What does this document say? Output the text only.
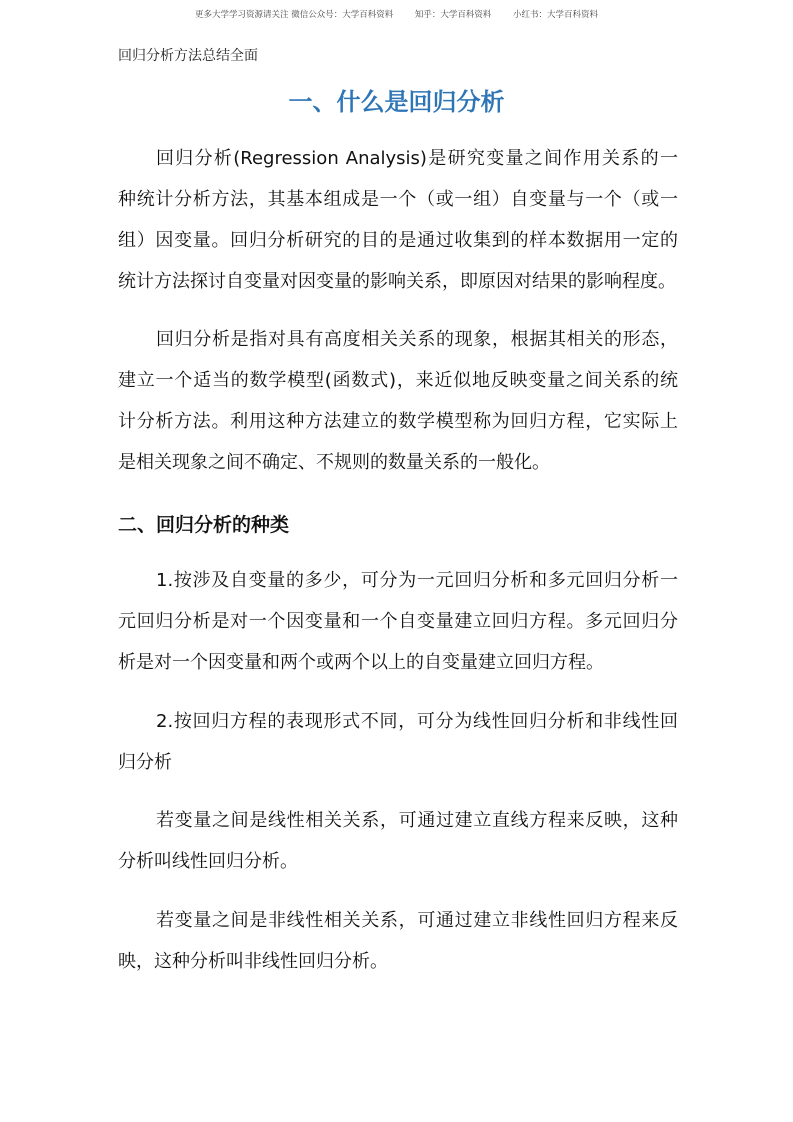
更多大学学习资源请关注 微信公众号：大学百科资料        知乎：大学百科资料        小红书：大学百科资料
回归分析方法总结全面
一、什么是回归分析
二、回归分析的种类
回归分析(Regression Analysis)是研究变量之间作用关系的一
种统计分析方法，其基本组成是一个（或一组）自变量与一个（或一
组）因变量。回归分析研究的目的是通过收集到的样本数据用一定的
统计方法探讨自变量对因变量的影响关系，即原因对结果的影响程度。
回归分析是指对具有高度相关关系的现象，根据其相关的形态，
建立一个适当的数学模型(函数式)，来近似地反映变量之间关系的统
计分析方法。利用这种方法建立的数学模型称为回归方程，它实际上
是相关现象之间不确定、不规则的数量关系的一般化。
1.按涉及自变量的多少，可分为一元回归分析和多元回归分析一
元回归分析是对一个因变量和一个自变量建立回归方程。多元回归分
析是对一个因变量和两个或两个以上的自变量建立回归方程。
2.按回归方程的表现形式不同，可分为线性回归分析和非线性回
归分析
若变量之间是线性相关关系，可通过建立直线方程来反映，这种
分析叫线性回归分析。
若变量之间是非线性相关关系，可通过建立非线性回归方程来反
映，这种分析叫非线性回归分析。
